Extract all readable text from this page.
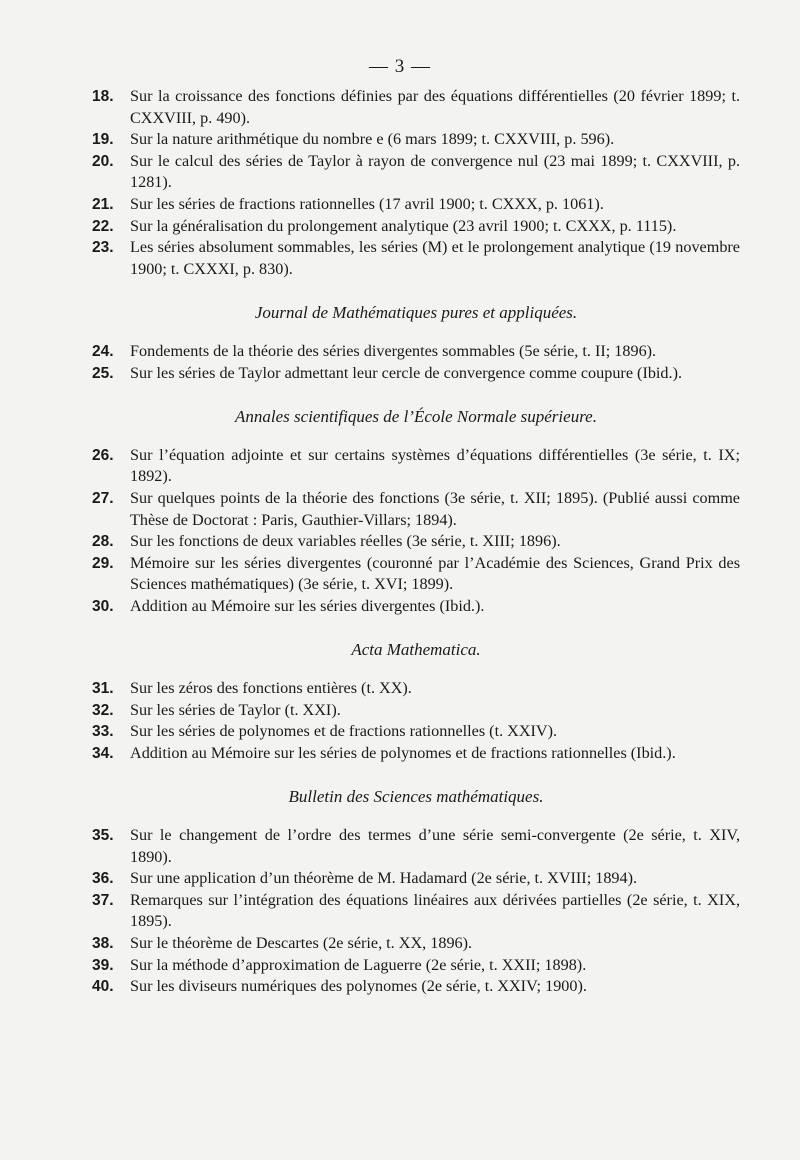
— 3 —
18.	Sur la croissance des fonctions définies par des équations différentielles (20 février 1899; t. CXXVIII, p. 490).
19.	Sur la nature arithmétique du nombre e (6 mars 1899; t. CXXVIII, p. 596).
20.	Sur le calcul des séries de Taylor à rayon de convergence nul (23 mai 1899; t. CXXVIII, p. 1281).
21.	Sur les séries de fractions rationnelles (17 avril 1900; t. CXXX, p. 1061).
22.	Sur la généralisation du prolongement analytique (23 avril 1900; t. CXXX, p. 1115).
23.	Les séries absolument sommables, les séries (M) et le prolongement analytique (19 novembre 1900; t. CXXXI, p. 830).
Journal de Mathématiques pures et appliquées.
24.	Fondements de la théorie des séries divergentes sommables (5e série, t. II; 1896).
25.	Sur les séries de Taylor admettant leur cercle de convergence comme coupure (Ibid.).
Annales scientifiques de l’École Normale supérieure.
26.	Sur l’équation adjointe et sur certains systèmes d’équations différentielles (3e série, t. IX; 1892).
27.	Sur quelques points de la théorie des fonctions (3e série, t. XII; 1895). (Publié aussi comme Thèse de Doctorat : Paris, Gauthier-Villars; 1894).
28.	Sur les fonctions de deux variables réelles (3e série, t. XIII; 1896).
29.	Mémoire sur les séries divergentes (couronné par l’Académie des Sciences, Grand Prix des Sciences mathématiques) (3e série, t. XVI; 1899).
30.	Addition au Mémoire sur les séries divergentes (Ibid.).
Acta Mathematica.
31.	Sur les zéros des fonctions entières (t. XX).
32.	Sur les séries de Taylor (t. XXI).
33.	Sur les séries de polynomes et de fractions rationnelles (t. XXIV).
34.	Addition au Mémoire sur les séries de polynomes et de fractions rationnelles (Ibid.).
Bulletin des Sciences mathématiques.
35.	Sur le changement de l’ordre des termes d’une série semi-convergente (2e série, t. XIV, 1890).
36.	Sur une application d’un théorème de M. Hadamard (2e série, t. XVIII; 1894).
37.	Remarques sur l’intégration des équations linéaires aux dérivées partielles (2e série, t. XIX, 1895).
38.	Sur le théorème de Descartes (2e série, t. XX, 1896).
39.	Sur la méthode d’approximation de Laguerre (2e série, t. XXII; 1898).
40.	Sur les diviseurs numériques des polynomes (2e série, t. XXIV; 1900).
